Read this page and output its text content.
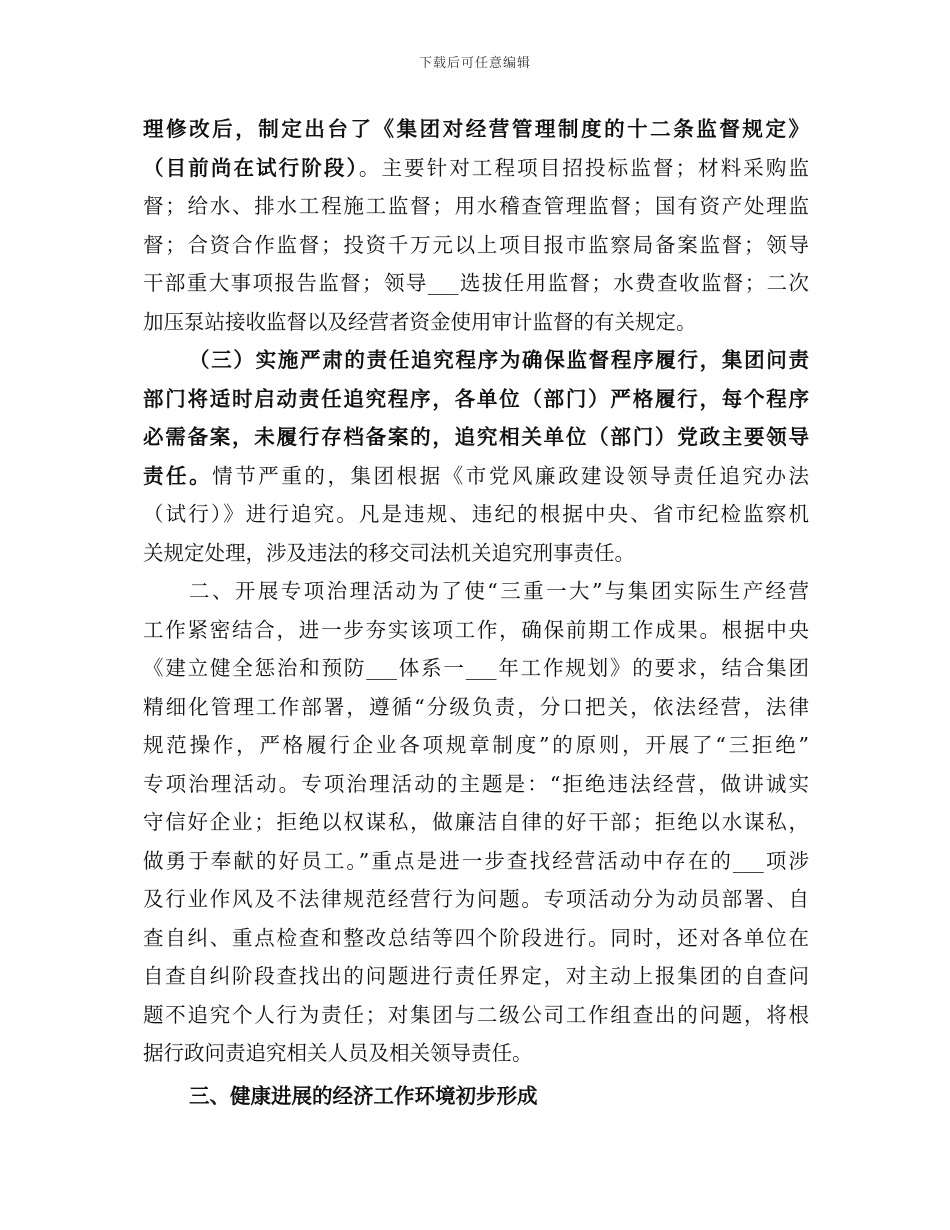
下载后可任意编辑
理修改后，制定出台了《集团对经营管理制度的十二条监督规定》
（目前尚在试行阶段）。主要针对工程项目招投标监督；材料采购监
督；给水、排水工程施工监督；用水稽查管理监督；国有资产处理监
督；合资合作监督；投资千万元以上项目报市监察局备案监督；领导
干部重大事项报告监督；领导___选拔任用监督；水费查收监督；二次
加压泵站接收监督以及经营者资金使用审计监督的有关规定。
（三）实施严肃的责任追究程序为确保监督程序履行，集团问责
部门将适时启动责任追究程序，各单位（部门）严格履行，每个程序
必需备案，未履行存档备案的，追究相关单位（部门）党政主要领导
责任。情节严重的，集团根据《市党风廉政建设领导责任追究办法
（试行）》进行追究。凡是违规、违纪的根据中央、省市纪检监察机
关规定处理，涉及违法的移交司法机关追究刑事责任。
二、开展专项治理活动为了使“三重一大”与集团实际生产经营
工作紧密结合，进一步夯实该项工作，确保前期工作成果。根据中央
《建立健全惩治和预防___体系一___年工作规划》的要求，结合集团
精细化管理工作部署，遵循“分级负责，分口把关，依法经营，法律
规范操作，严格履行企业各项规章制度”的原则，开展了“三拒绝”
专项治理活动。专项治理活动的主题是：“拒绝违法经营，做讲诚实
守信好企业；拒绝以权谋私，做廉洁自律的好干部；拒绝以水谋私，
做勇于奉献的好员工。”重点是进一步查找经营活动中存在的___项涉
及行业作风及不法律规范经营行为问题。专项活动分为动员部署、自
查自纠、重点检查和整改总结等四个阶段进行。同时，还对各单位在
自查自纠阶段查找出的问题进行责任界定，对主动上报集团的自查问
题不追究个人行为责任；对集团与二级公司工作组查出的问题，将根
据行政问责追究相关人员及相关领导责任。
三、健康进展的经济工作环境初步形成
